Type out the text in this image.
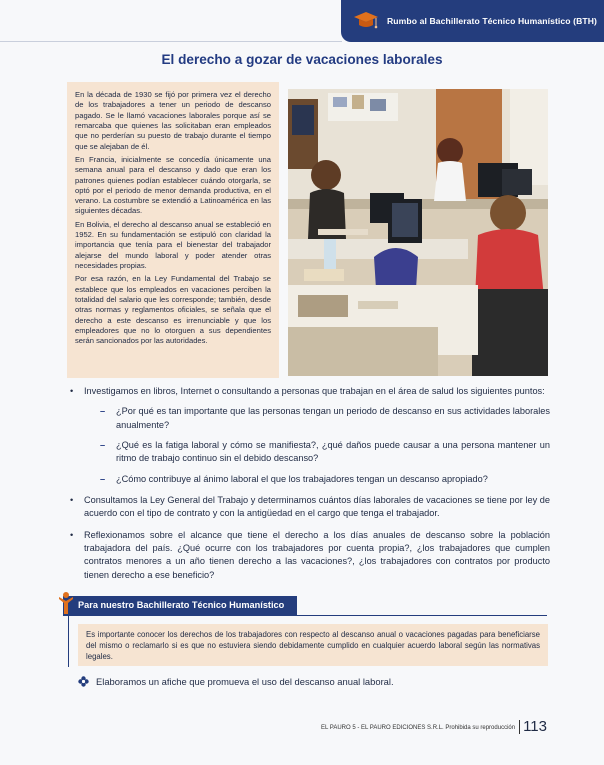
Rumbo al Bachillerato Técnico Humanístico (BTH)
El derecho a gozar de vacaciones laborales

En la década de 1930 se fijó por primera vez el derecho de los trabajadores a tener un periodo de descanso pagado. Se le llamó vacaciones laborales porque así se remarcaba que quienes las solicitaban eran empleados que no perderían su puesto de trabajo durante el tiempo que se alejaban de él.

En Francia, inicialmente se concedía únicamente una semana anual para el descanso y dado que eran los patrones quienes podían establecer cuándo otorgarla, se optó por el periodo de menor demanda productiva, en el verano. La costumbre se extendió a Latinoamérica en las siguientes décadas.

En Bolivia, el derecho al descanso anual se estableció en 1952. En su fundamentación se estipuló con claridad la importancia que tenía para el bienestar del trabajador alejarse del mundo laboral y poder atender otras necesidades propias.

Por esa razón, en la Ley Fundamental del Trabajo se establece que los empleados en vacaciones perciben la totalidad del salario que les corresponde; también, desde otras normas y reglamentos oficiales, se señala que el derecho a este descanso es irrenunciable y que los empleadores que no lo otorguen a sus dependientes serán sancionados por las autoridades.

• Investigamos en libros, Internet o consultando a personas que trabajan en el área de salud los siguientes puntos:
– ¿Por qué es tan importante que las personas tengan un periodo de descanso en sus actividades laborales anualmente?
– ¿Qué es la fatiga laboral y cómo se manifiesta?, ¿qué daños puede causar a una persona mantener un ritmo de trabajo continuo sin el debido descanso?
– ¿Cómo contribuye al ánimo laboral el que los trabajadores tengan un descanso apropiado?
• Consultamos la Ley General del Trabajo y determinamos cuántos días laborales de vacaciones se tiene por ley de acuerdo con el tipo de contrato y con la antigüedad en el cargo que tenga el trabajador.
• Reflexionamos sobre el alcance que tiene el derecho a los días anuales de descanso sobre la población trabajadora del país. ¿Qué ocurre con los trabajadores por cuenta propia?, ¿los trabajadores que cumplen contratos menores a un año tienen derecho a las vacaciones?, ¿los trabajadores con contratos por producto tienen derecho a ese beneficio?
Para nuestro Bachillerato Técnico Humanístico
Es importante conocer los derechos de los trabajadores con respecto al descanso anual o vacaciones pagadas para beneficiarse del mismo o reclamarlo si es que no estuviera siendo debidamente cumplido en cualquier acuerdo laboral según las normativas legales.
Elaboramos un afiche que promueva el uso del descanso anual laboral.
EL PAURO 5 - EL PAURO EDICIONES S.R.L. Prohibida su reproducción 113
